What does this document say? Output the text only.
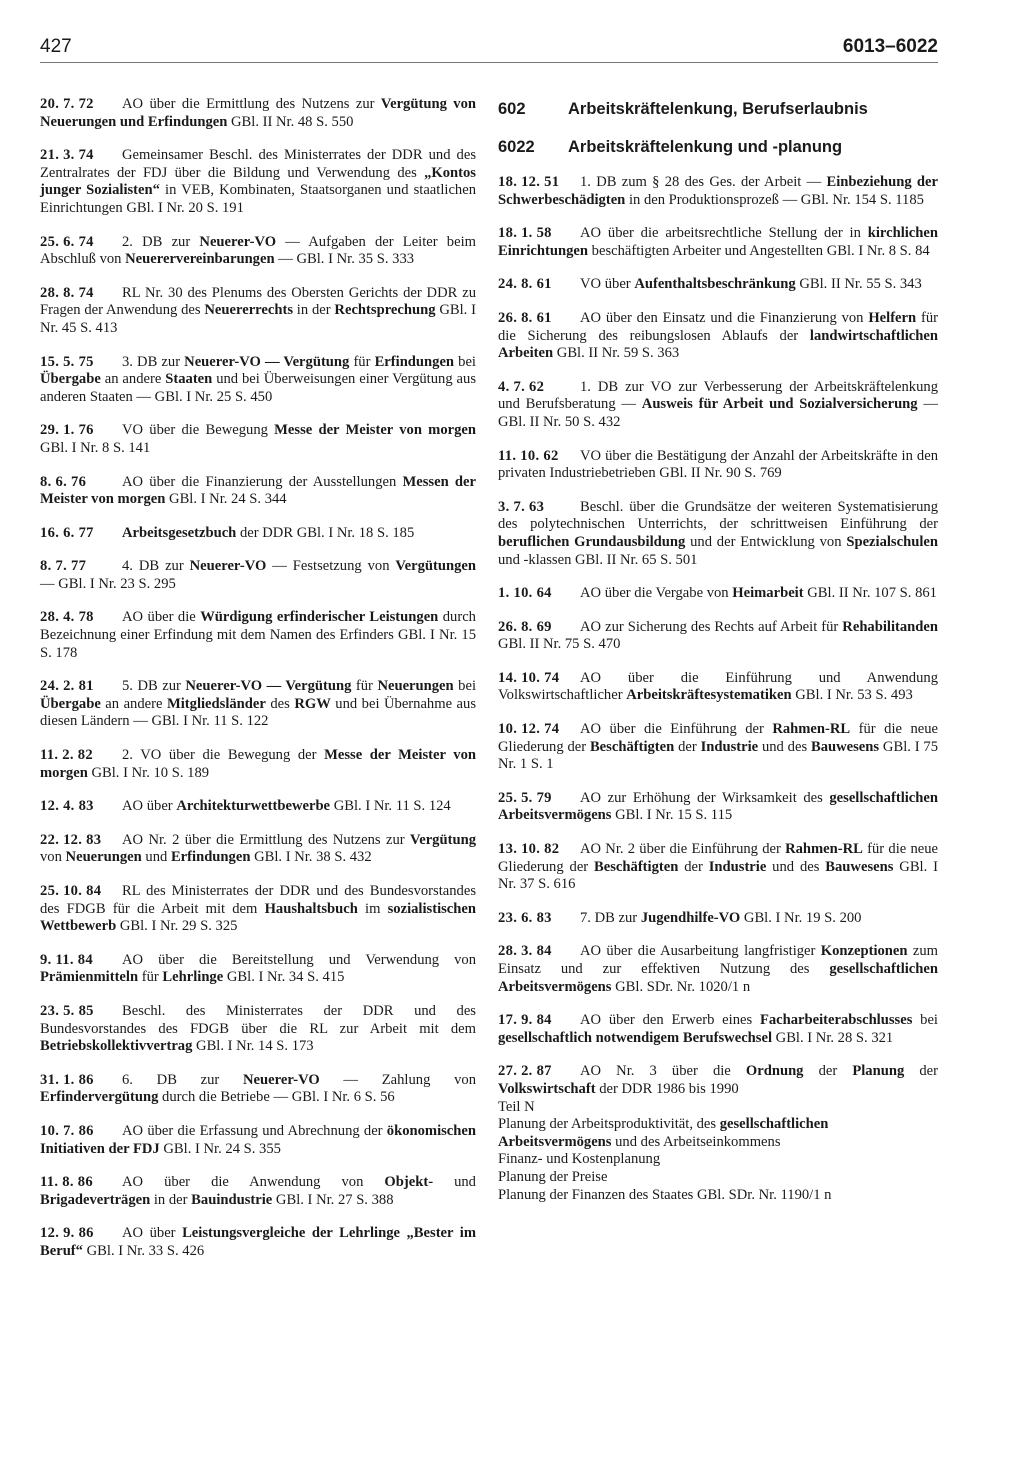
427	6013–6022
20. 7. 72 AO über die Ermittlung des Nutzens zur Vergütung von Neuerungen und Erfindungen GBl. II Nr. 48 S. 550
21. 3. 74 Gemeinsamer Beschl. des Ministerrates der DDR und des Zentralrates der FDJ über die Bildung und Verwendung des „Kontos junger Sozialisten“ in VEB, Kombinaten, Staatsorganen und staatlichen Einrichtungen GBl. I Nr. 20 S. 191
25. 6. 74 2. DB zur Neuerer-VO — Aufgaben der Leiter beim Abschluß von Neuerervereinbarungen — GBl. I Nr. 35 S. 333
28. 8. 74 RL Nr. 30 des Plenums des Obersten Gerichts der DDR zu Fragen der Anwendung des Neuererrechts in der Rechtsprechung GBl. I Nr. 45 S. 413
15. 5. 75 3. DB zur Neuerer-VO — Vergütung für Erfindungen bei Übergabe an andere Staaten und bei Überweisungen einer Vergütung aus anderen Staaten — GBl. I Nr. 25 S. 450
29. 1. 76 VO über die Bewegung Messe der Meister von morgen GBl. I Nr. 8 S. 141
8. 6. 76 AO über die Finanzierung der Ausstellungen Messen der Meister von morgen GBl. I Nr. 24 S. 344
16. 6. 77 Arbeitsgesetzbuch der DDR GBl. I Nr. 18 S. 185
8. 7. 77 4. DB zur Neuerer-VO — Festsetzung von Vergütungen — GBl. I Nr. 23 S. 295
28. 4. 78 AO über die Würdigung erfinderischer Leistungen durch Bezeichnung einer Erfindung mit dem Namen des Erfinders GBl. I Nr. 15 S. 178
24. 2. 81 5. DB zur Neuerer-VO — Vergütung für Neuerungen bei Übergabe an andere Mitgliedsländer des RGW und bei Übernahme aus diesen Ländern — GBl. I Nr. 11 S. 122
11. 2. 82 2. VO über die Bewegung der Messe der Meister von morgen GBl. I Nr. 10 S. 189
12. 4. 83 AO über Architekturwettbewerbe GBl. I Nr. 11 S. 124
22. 12. 83 AO Nr. 2 über die Ermittlung des Nutzens zur Vergütung von Neuerungen und Erfindungen GBl. I Nr. 38 S. 432
25. 10. 84 RL des Ministerrates der DDR und des Bundesvorstandes des FDGB für die Arbeit mit dem Haushaltsbuch im sozialistischen Wettbewerb GBl. I Nr. 29 S. 325
9. 11. 84 AO über die Bereitstellung und Verwendung von Prämienmitteln für Lehrlinge GBl. I Nr. 34 S. 415
23. 5. 85 Beschl. des Ministerrates der DDR und des Bundesvorstandes des FDGB über die RL zur Arbeit mit dem Betriebskollektivvertrag GBl. I Nr. 14 S. 173
31. 1. 86 6. DB zur Neuerer-VO — Zahlung von Erfindervergütung durch die Betriebe — GBl. I Nr. 6 S. 56
10. 7. 86 AO über die Erfassung und Abrechnung der ökonomischen Initiativen der FDJ GBl. I Nr. 24 S. 355
11. 8. 86 AO über die Anwendung von Objekt- und Brigadeverträgen in der Bauindustrie GBl. I Nr. 27 S. 388
12. 9. 86 AO über Leistungsvergleiche der Lehrlinge „Bester im Beruf“ GBl. I Nr. 33 S. 426
602	Arbeitskräftelenkung, Berufserlaubnis
6022 Arbeitskräftelenkung und -planung
18. 12. 51 1. DB zum § 28 des Ges. der Arbeit — Einbeziehung der Schwerbeschädigten in den Produktionsprozeß — GBl. Nr. 154 S. 1185
18. 1. 58 AO über die arbeitsrechtliche Stellung der in kirchlichen Einrichtungen beschäftigten Arbeiter und Angestellten GBl. I Nr. 8 S. 84
24. 8. 61 VO über Aufenthaltsbeschränkung GBl. II Nr. 55 S. 343
26. 8. 61 AO über den Einsatz und die Finanzierung von Helfern für die Sicherung des reibungslosen Ablaufs der landwirtschaftlichen Arbeiten GBl. II Nr. 59 S. 363
4. 7. 62 1. DB zur VO zur Verbesserung der Arbeitskräftelenkung und Berufsberatung — Ausweis für Arbeit und Sozialversicherung — GBl. II Nr. 50 S. 432
11. 10. 62 VO über die Bestätigung der Anzahl der Arbeitskräfte in den privaten Industriebetrieben GBl. II Nr. 90 S. 769
3. 7. 63 Beschl. über die Grundsätze der weiteren Systematisierung des polytechnischen Unterrichts, der schrittweisen Einführung der beruflichen Grundausbildung und der Entwicklung von Spezialschulen und -klassen GBl. II Nr. 65 S. 501
1. 10. 64 AO über die Vergabe von Heimarbeit GBl. II Nr. 107 S. 861
26. 8. 69 AO zur Sicherung des Rechts auf Arbeit für Rehabilitanden GBl. II Nr. 75 S. 470
14. 10. 74 AO über die Einführung und Anwendung Volkswirtschaftlicher Arbeitskräftesystematiken GBl. I Nr. 53 S. 493
10. 12. 74 AO über die Einführung der Rahmen-RL für die neue Gliederung der Beschäftigten der Industrie und des Bauwesens GBl. I 75 Nr. 1 S. 1
25. 5. 79 AO zur Erhöhung der Wirksamkeit des gesellschaftlichen Arbeitsvermögens GBl. I Nr. 15 S. 115
13. 10. 82 AO Nr. 2 über die Einführung der Rahmen-RL für die neue Gliederung der Beschäftigten der Industrie und des Bauwesens GBl. I Nr. 37 S. 616
23. 6. 83 7. DB zur Jugendhilfe-VO GBl. I Nr. 19 S. 200
28. 3. 84 AO über die Ausarbeitung langfristiger Konzeptionen zum Einsatz und zur effektiven Nutzung des gesellschaftlichen Arbeitsvermögens GBl. SDr. Nr. 1020/1 n
17. 9. 84 AO über den Erwerb eines Facharbeiterabschlusses bei gesellschaftlich notwendigem Berufswechsel GBl. I Nr. 28 S. 321
27. 2. 87 AO Nr. 3 über die Ordnung der Planung der Volkswirtschaft der DDR 1986 bis 1990
Teil N
Planung der Arbeitsproduktivität, des gesellschaftlichen Arbeitsvermögens und des Arbeitseinkommens
Finanz- und Kostenplanung
Planung der Preise
Planung der Finanzen des Staates GBl. SDr. Nr. 1190/1 n
